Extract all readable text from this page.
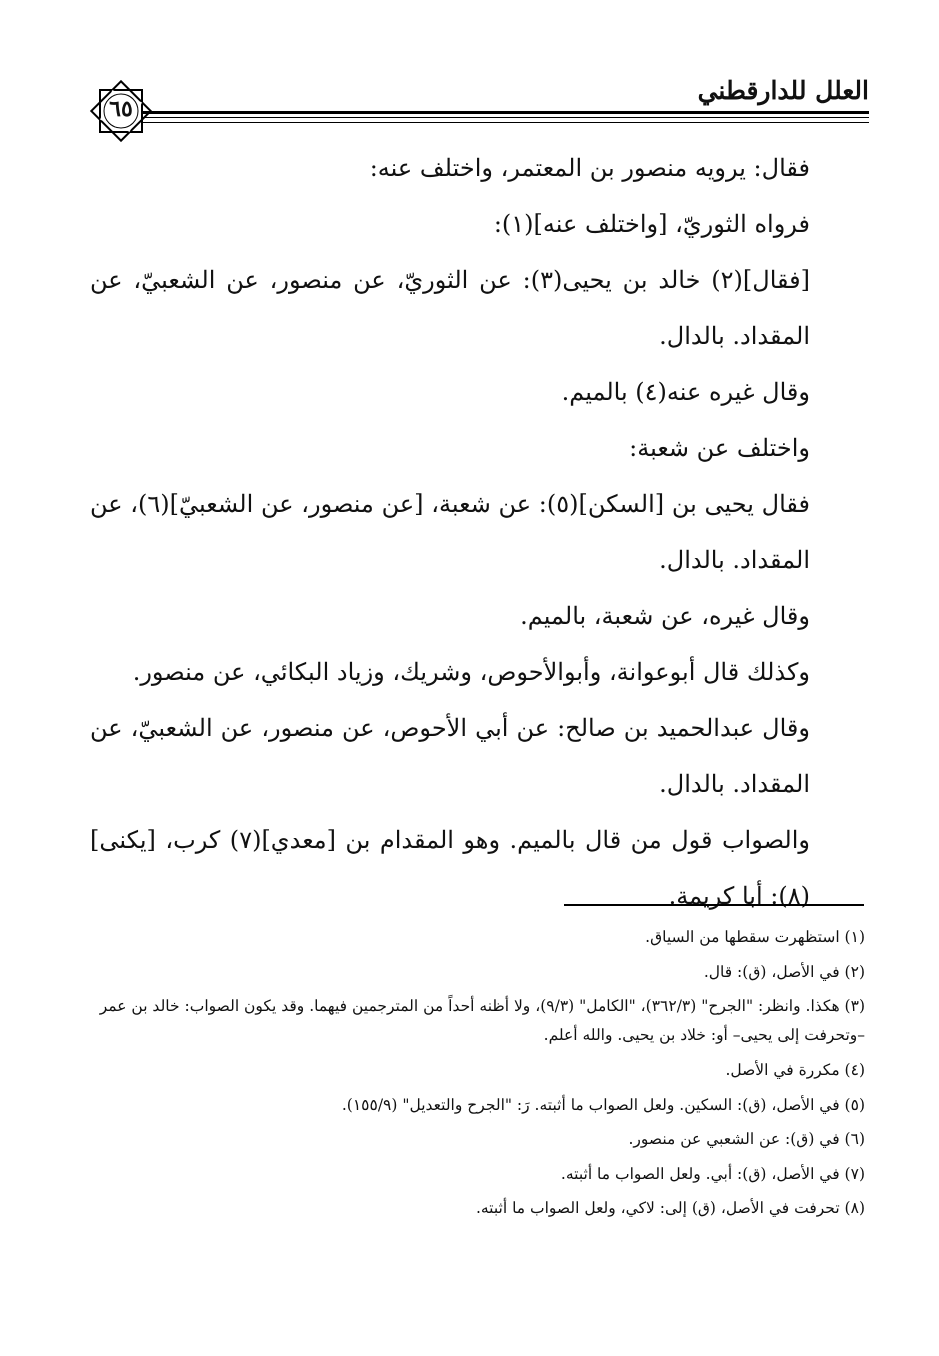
العلل للدارقطني
٦٥

فقال: يرويه منصور بن المعتمر، واختلف عنه:

فرواه الثوريّ، [واختلف عنه](١):

[فقال](٢) خالد بن يحيى(٣): عن الثوريّ، عن منصور، عن الشعبيّ، عن المقداد. بالدال.

وقال غيره عنه(٤) بالميم.

واختلف عن شعبة:

فقال يحيى بن [السكن](٥): عن شعبة، [عن منصور، عن الشعبيّ](٦)، عن المقداد. بالدال.

وقال غيره، عن شعبة، بالميم.

وكذلك قال أبوعوانة، وأبوالأحوص، وشريك، وزياد البكائي، عن منصور.

وقال عبدالحميد بن صالح: عن أبي الأحوص، عن منصور، عن الشعبيّ، عن المقداد. بالدال.

والصواب قول من قال بالميم. وهو المقدام بن [معدي](٧) كرب، [يكنى](٨): أبا كريمة.

(١) استظهرت سقطها من السياق.

(٢) في الأصل، (ق): قال.

(٣) هكذا. وانظر: "الجرح" (٣٦٢/٣)، "الكامل" (٩/٣)، ولا أظنه أحداً من المترجمين فيهما. وقد يكون الصواب: خالد بن عمر –وتحرفت إلى يحيى– أو: خلاد بن يحيى. والله أعلم.

(٤) مكررة في الأصل.

(٥) في الأصل، (ق): السكين. ولعل الصواب ما أثبته. رَ: "الجرح والتعديل" (١٥٥/٩).

(٦) في (ق): عن الشعبي عن منصور.

(٧) في الأصل، (ق): أبي. ولعل الصواب ما أثبته.

(٨) تحرفت في الأصل، (ق) إلى: لاكي، ولعل الصواب ما أثبته.
